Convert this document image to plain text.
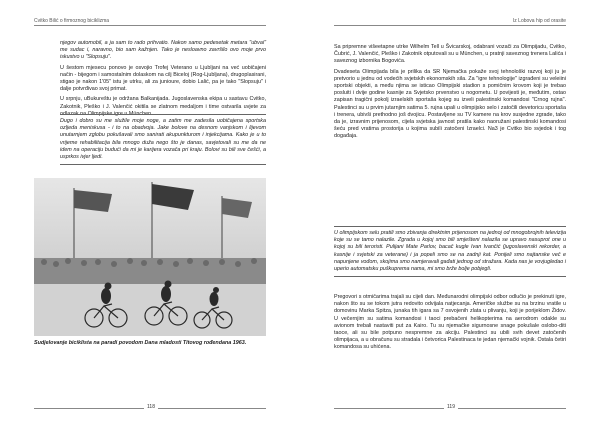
Cvitko Bilić o firmoznog biciklizma

njegov automobil, a ja sam to rado prihvatio. Nakon samo pedesetak metara "ubvai" me sudac i, naravno, bio sam kažnjen. Tako je nesloavno završilo ovo moje prvo iskustvo u "Slopsuju".

U šestom mjesecu ponovo je osvojio Trofej Veterano u Ljubljani na već uobičajeni način - bijegom i samostalnim dolaskom na cilj Biceloj (Rog-Ljubljana), drugoplasirani, stigao je nakon 1'05" istu je utrku, ali za junioure, dobio Lalić, pa je tako "Slopsuju" i dalje potvrđivao svoj primat.

U srpnju, uBukureštu je održana Balkanijada. Jugoslavenska ekipa u sastavu Cvitko, Zakotnik, Pleško i J. Valenčić okitila se zlatnom medaljom i time ostvarila uvjete za odlazak na Olimpijske igre u München.

Dugo i dobro su me služile moje noge, a zatim me zadesila uobičajena sportska ozljeda meniskusa - i to na obadvoja. Jake bolove na desnom vanjskom i lijevom unutarnjem zglobu pokušavali smo sanirati akupunkturom i injekcijama. Kako je u to vrijeme rehabilitacija bila mnogo duža nego što je danas, savjetovali su me da ne idem na operaciju budući da mi je karijera vozača pri kraju. Bolovi su bili sve češći, a usprkos ivjer ljedi.
Sudjelovanje biciklista na paradi povodom Dana mladosti Titovog rođendana 1963.
118
Iz Lobova hip od orasite

Sa pripremne višeetapne utrke Wilhelm Tell u Švicarskoj, odabrani vozači za Olimpijadu, Cvitko, Čubrić, J. Valenčić, Pleško i Zakotnik otputovali su u München, u pratnji saveznog trenera Lalića i saveznog izbornika Bogovića.

Dvadeseta Olimpijada bila je prilika da SR Njemačka pokaže svoj tehnološki razvoj koji ju je pretvorio u jednu od vodećih svjetskih ekonomskih sila. Za "igre tehnologije" izgrađeni su veleiini sportski objekti, a među njima se isticao Olimpijski stadion s pomičnim krovom koji je trebao posluiti i dvije godine kasnije za Svjetsko prvenstvo u nogometu. U povijesti je, međutim, ostao zapisan tragični pokolj izraelskih sportaša kojeg su izveli palestinski komandosi "Crnog rujna". Palestinci su u prvim jutarnjim satima 5. rujna upali u olimpijsko selo i zatočili devetoricu sportaša i trenera, ubivši prethodno još dvojicu. Postavljene su TV kamere na krov susjedne zgrade, tako da je, izravnim prijenosom, cijela svjetska javnost pratila kako naoružani palestinski komandosi šeću pred vratima prostorija u kojima subili zatočeni Izraelci. Na3 je Cvitko bio svjedok i tog događaja.

U olimpijskom selu pratili smo zbivanja direktnim prijenosom na jednoj od mnogobrojnih televizija koje su se tamo nalazile. Zgrada u kojoj smo bili smješteni nalazila se upravo nasuprot one u kojoj su bili teroristi. Pulijani Mate Parlov, bacač kugle Ivan Ivančić (jugoslavenski rekorder, a kasnije i svjetski za veterane) i ja popeli smo se na zadnji kat. Ponijeli smo najtanske več e napunjene vođom, skojima smo namjeravali gađati jednog od stražara. Kada nas je vovjugledao i uperio automatsku puškuprema nama, mi smo brže bolje pobjegli.

Pregovori s otmičarima trajali su cijeli dan. Međunarodni olimpijski odbor odlučio je prekinuti igre, nakon što su se tokom jutra redovito odvijala natjecanja. Američke službe su na brzinu vratile u domovinu Marka Spitza, junaka tih igara sa 7 osvojenih zlata u plivanju, koji je porijeklom Židov. U večernjim su satima komandosi i taoci prebačeni helikopterima na aerodrom odakle su avionom trebali nastaviti put za Kairo. Tu su njemačke sigurnosne snage pokušale oslobo-diti taoce, ali su bile potpuno nespremne za akciju. Palestinci su ubili svih devet zatočenih olimpijaca, a u obračunu su stradala i četvorica Palestinaca te jedan njemački vojnik. Ostala četiri komandosa su uhićena.

119
